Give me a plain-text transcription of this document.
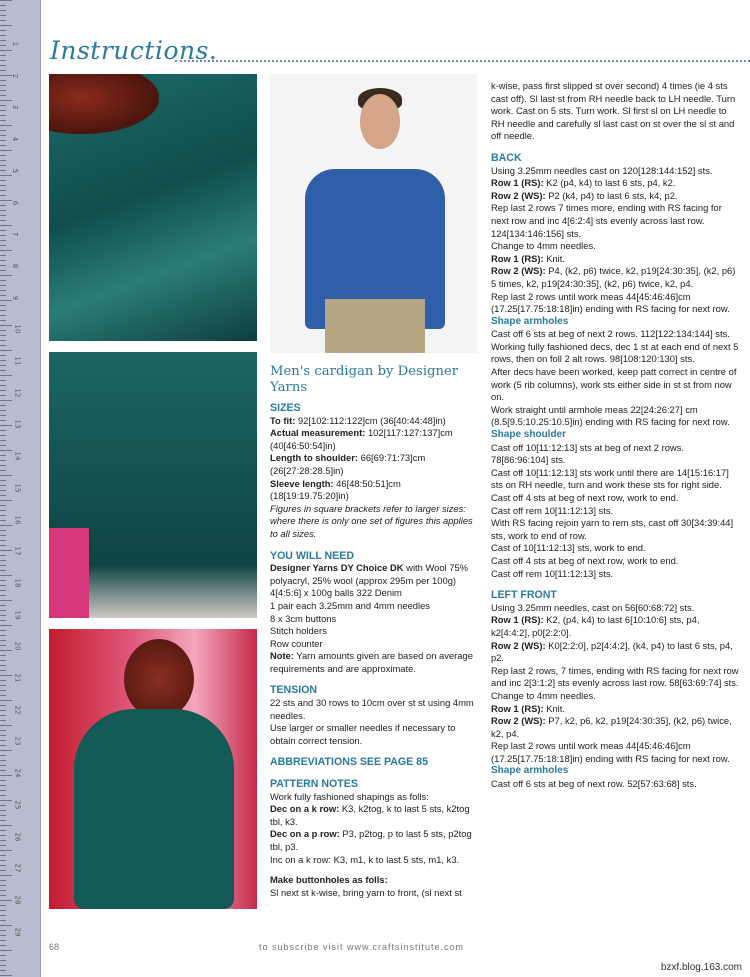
1
2
3
4
5
6
7
8
9
10
11
12
13
14
15
16
17
18
19
20
21
22
23
24
25
26
27
28
29
Instructions.

Men's cardigan by Designer Yarns

SIZES

To fit: 92[102:112:122]cm (36[40:44:48]in)

Actual measurement: 102[117:127:137]cm (40[46:50:54]in)

Length to shoulder: 66[69:71:73]cm (26[27:28:28.5]in)

Sleeve length: 46[48:50:51]cm (18[19:19.75:20]in)

Figures in square brackets refer to larger sizes: where there is only one set of figures this applies to all sizes.

YOU WILL NEED

Designer Yarns DY Choice DK with Wool 75% polyacryl, 25% wool (approx 295m per 100g) 4[4:5:6] x 100g balls 322 Denim

1 pair each 3.25mm and 4mm needles

8 x 3cm buttons

Stitch holders

Row counter

Note: Yarn amounts given are based on average requirements and are approximate.

TENSION

22 sts and 30 rows to 10cm over st st using 4mm needles.

Use larger or smaller needles if necessary to obtain correct tension.

ABBREVIATIONS SEE PAGE 85

PATTERN NOTES

Work fully fashioned shapings as folls:

Dec on a k row: K3, k2tog, k to last 5 sts, k2tog tbl, k3.

Dec on a p row: P3, p2tog, p to last 5 sts, p2tog tbl, p3.

Inc on a k row: K3, m1, k to last 5 sts, m1, k3.

Make buttonholes as folls:

Sl next st k-wise, bring yarn to front, (sl next st

k-wise, pass first slipped st over second) 4 times (ie 4 sts cast off). Sl last st from RH needle back to LH needle. Turn work. Cast on 5 sts. Turn work. Sl first sl on LH needle to RH needle and carefully sl last cast on st over the sl st and off needle.

BACK

Using 3.25mm needles cast on 120[128:144:152] sts.

Row 1 (RS): K2 (p4, k4) to last 6 sts, p4, k2.

Row 2 (WS): P2 (k4, p4) to last 6 sts, k4, p2.

Rep last 2 rows 7 times more, ending with RS facing for next row and inc 4[6:2:4] sts evenly across last row. 124[134:146:156] sts.

Change to 4mm needles.

Row 1 (RS): Knit.

Row 2 (WS): P4, (k2, p6) twice, k2, p19[24:30:35], (k2, p6) 5 times, k2, p19[24:30:35], (k2, p6) twice, k2, p4.

Rep last 2 rows until work meas 44[45:46:46]cm (17.25[17.75:18:18]in) ending with RS facing for next row.

Shape armholes

Cast off 6 sts at beg of next 2 rows. 112[122:134:144] sts.

Working fully fashioned decs, dec 1 st at each end of next 5 rows, then on foll 2 alt rows. 98[108:120:130] sts.

After decs have been worked, keep patt correct in centre of work (5 rib columns), work sts either side in st st from now on.

Work straight until armhole meas 22[24:26:27] cm (8.5[9.5:10.25:10.5]in) ending with RS facing for next row.

Shape shoulder

Cast off 10[11:12:13] sts at beg of next 2 rows. 78[86:96:104] sts.

Cast off 10[11:12:13] sts work until there are 14[15:16:17] sts on RH needle, turn and work these sts for right side.

Cast off 4 sts at beg of next row, work to end.

Cast off rem 10[11:12:13] sts.

With RS facing rejoin yarn to rem sts, cast off 30[34:39:44] sts, work to end of row.

Cast of 10[11:12:13] sts, work to end.

Cast off 4 sts at beg of next row, work to end.

Cast off rem 10[11:12:13] sts.

LEFT FRONT

Using 3.25mm needles, cast on 56[60:68:72] sts.

Row 1 (RS): K2, (p4, k4) to last 6[10:10:6] sts, p4, k2[4:4:2], p0[2:2:0].

Row 2 (WS): K0[2:2:0], p2[4:4:2], (k4, p4) to last 6 sts, p4, p2.

Rep last 2 rows, 7 times, ending with RS facing for next row and inc 2[3:1:2] sts evenly across last row. 58[63:69:74] sts.

Change to 4mm needles.

Row 1 (RS): Knit.

Row 2 (WS): P7, k2, p6, k2, p19[24:30:35], (k2, p6) twice, k2, p4.

Rep last 2 rows until work meas 44[45:46:46]cm (17.25[17.75:18:18]in) ending with RS facing for next row.

Shape armholes

Cast off 6 sts at beg of next row. 52[57:63:68] sts.

68	to subscribe visit www.craftsinstitute.com
bzxf.blog.163.com
